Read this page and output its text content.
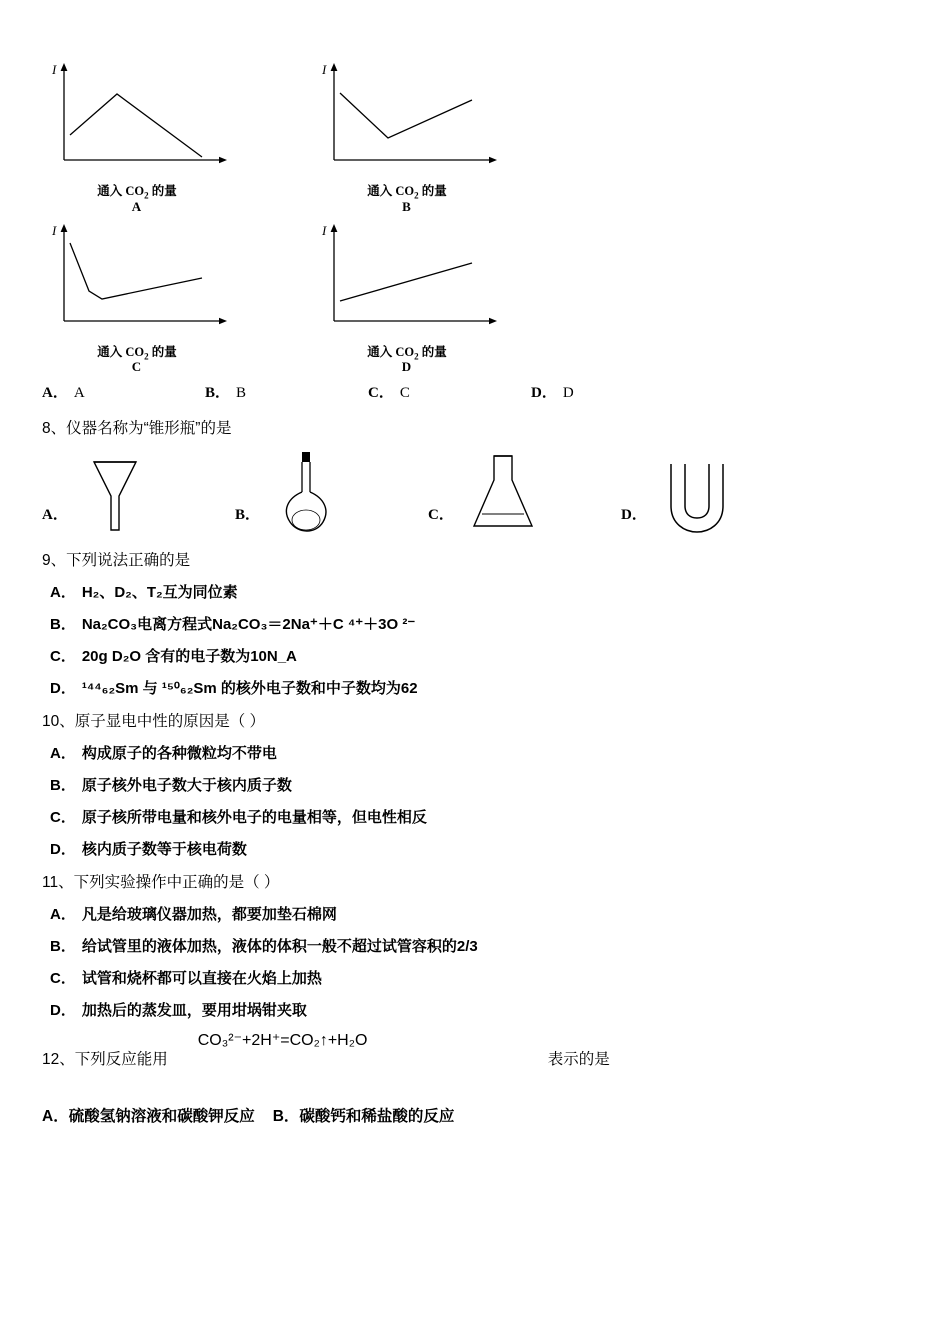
I
通入 $CO_2$ 的量
A
I
通入 $CO_2$ 的量
B
I
通入 $CO_2$ 的量
C
I
通入 $CO_2$ 的量
D
A． A	B． B	C． C	D． D
8、仪器名称为“锥形瓶”的是
A．	B．	C．	D．
9、下列说法正确的是
A． H₂、D₂、T₂互为同位素
B． Na₂CO₃电离方程式Na₂CO₃＝2Na⁺＋C ⁴⁺＋3O ²⁻
C． 20g D₂O 含有的电子数为10N_A
D． ¹⁴⁴₆₂Sm 与 ¹⁵⁰₆₂Sm 的核外电子数和中子数均为62
10、原子显电中性的原因是（ ）
A． 构成原子的各种微粒均不带电
B． 原子核外电子数大于核内质子数
C． 原子核所带电量和核外电子的电量相等，但电性相反
D． 核内质子数等于核电荷数
11、下列实验操作中正确的是（ ）
A． 凡是给玻璃仪器加热，都要加垫石棉网
B． 给试管里的液体加热，液体的体积一般不超过试管容积的2/3
C． 试管和烧杯都可以直接在火焰上加热
D． 加热后的蒸发皿，要用坩埚钳夹取
12、下列反应能用
CO₃²⁻+2H⁺=CO₂↑+H₂O
表示的是
A．硫酸氢钠溶液和碳酸钾反应 B．碳酸钙和稀盐酸的反应
